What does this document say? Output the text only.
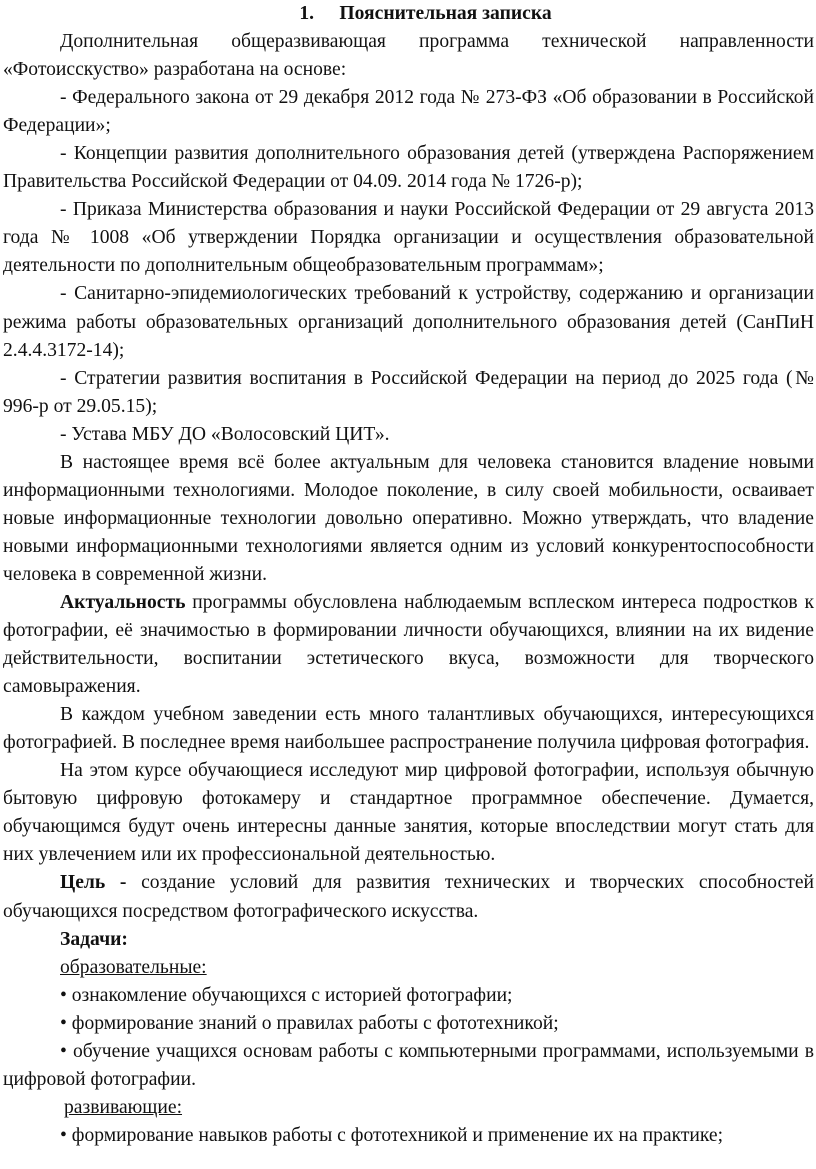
1. Пояснительная записка

Дополнительная общеразвивающая программа технической направленности «Фотоисскуство» разработана на основе:

- Федерального закона от 29 декабря 2012 года № 273-ФЗ «Об образовании в Российской Федерации»;

- Концепции развития дополнительного образования детей (утверждена Распоряжением Правительства Российской Федерации от 04.09. 2014 года № 1726-р);

- Приказа Министерства образования и науки Российской Федерации от 29 августа 2013 года № 1008 «Об утверждении Порядка организации и осуществления образовательной деятельности по дополнительным общеобразовательным программам»;

- Санитарно-эпидемиологических требований к устройству, содержанию и организации режима работы образовательных организаций дополнительного образования детей (СанПиН 2.4.4.3172-14);

- Стратегии развития воспитания в Российской Федерации на период до 2025 года (№ 996-р от 29.05.15);

- Устава МБУ ДО «Волосовский ЦИТ».

В настоящее время всё более актуальным для человека становится владение новыми информационными технологиями. Молодое поколение, в силу своей мобильности, осваивает новые информационные технологии довольно оперативно. Можно утверждать, что владение новыми информационными технологиями является одним из условий конкурентоспособности человека в современной жизни.

Актуальность программы обусловлена наблюдаемым всплеском интереса подростков к фотографии, её значимостью в формировании личности обучающихся, влиянии на их видение действительности, воспитании эстетического вкуса, возможности для творческого самовыражения.

В каждом учебном заведении есть много талантливых обучающихся, интересующихся фотографией. В последнее время наибольшее распространение получила цифровая фотография.

На этом курсе обучающиеся исследуют мир цифровой фотографии, используя обычную бытовую цифровую фотокамеру и стандартное программное обеспечение. Думается, обучающимся будут очень интересны данные занятия, которые впоследствии могут стать для них увлечением или их профессиональной деятельностью.

Цель - создание условий для развития технических и творческих способностей обучающихся посредством фотографического искусства.

Задачи:

образовательные:

• ознакомление обучающихся с историей фотографии;

• формирование знаний о правилах работы с фототехникой;

• обучение учащихся основам работы с компьютерными программами, используемыми в цифровой фотографии.

развивающие:

• формирование навыков работы с фототехникой и применение их на практике;
